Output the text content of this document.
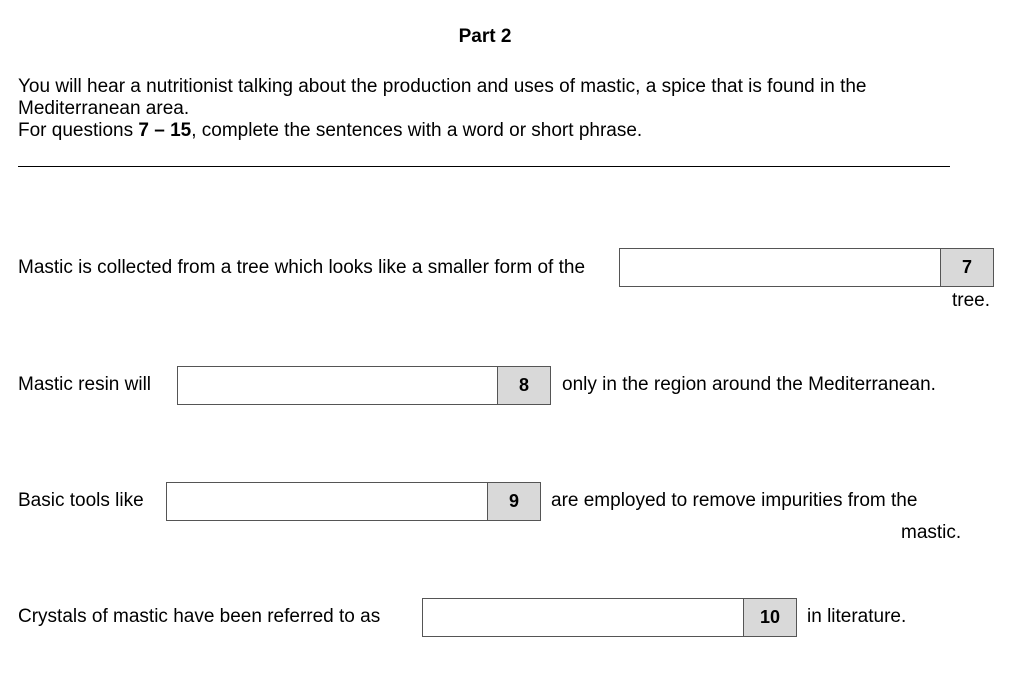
Part 2
You will hear a nutritionist talking about the production and uses of mastic, a spice that is found in the
Mediterranean area.
For questions 7 – 15, complete the sentences with a word or short phrase.
Mastic is collected from a tree which looks like a smaller form of the	7
tree.
Mastic resin will	8	only in the region around the Mediterranean.
Basic tools like	9	are employed to remove impurities from the
mastic.
Crystals of mastic have been referred to as	10	in literature.
